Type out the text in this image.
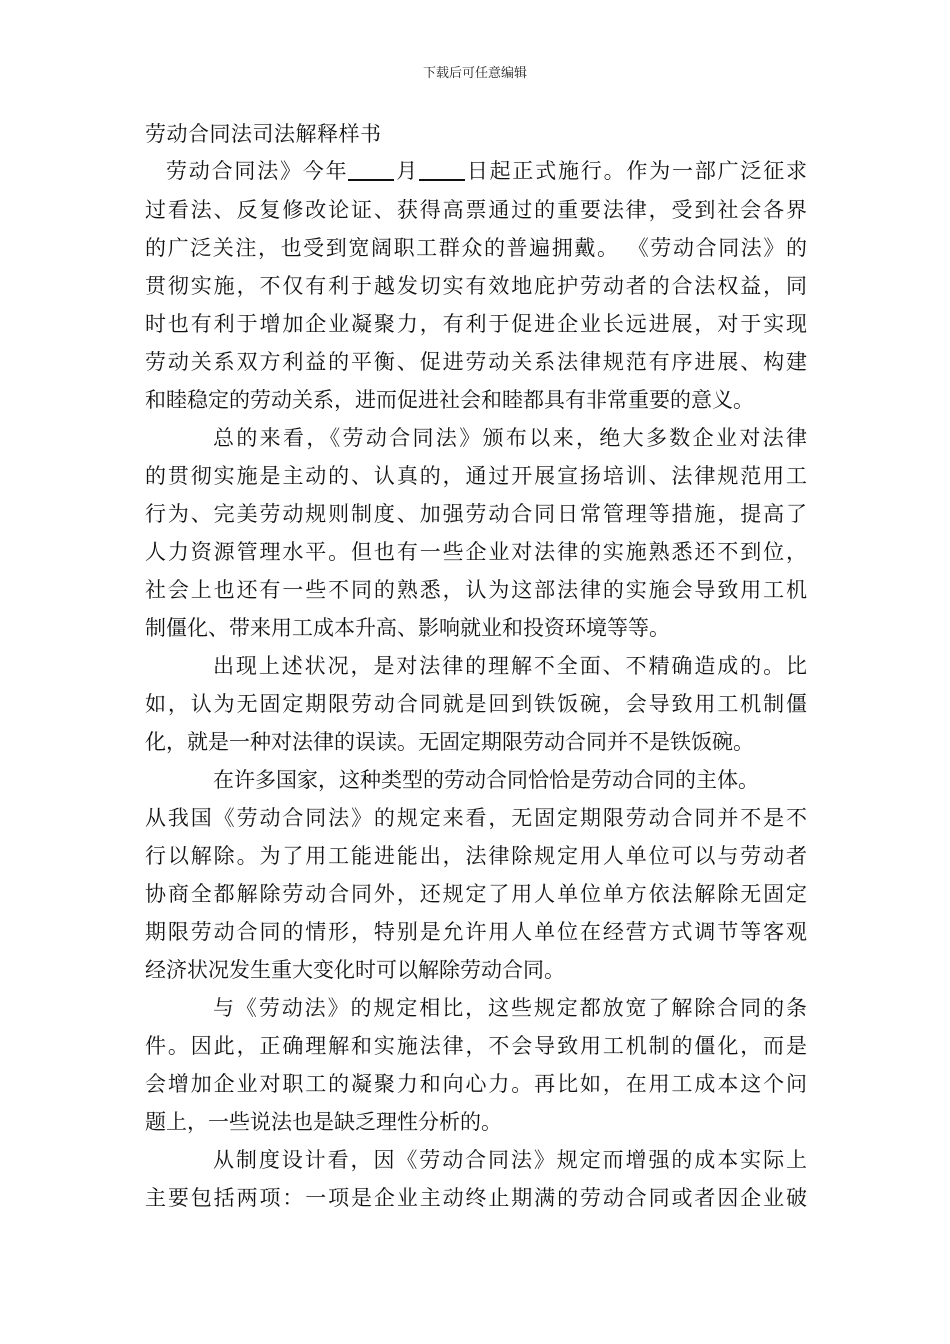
下载后可任意编辑
劳动合同法司法解释样书
劳动合同法》今年 月 日起正式施行。作为一部广泛征求
过看法、反复修改论证、获得高票通过的重要法律，受到社会各界
的广泛关注，也受到宽阔职工群众的普遍拥戴。 《劳动合同法》的
贯彻实施，不仅有利于越发切实有效地庇护劳动者的合法权益，同
时也有利于增加企业凝聚力，有利于促进企业长远进展，对于实现
劳动关系双方利益的平衡、促进劳动关系法律规范有序进展、构建
和睦稳定的劳动关系，进而促进社会和睦都具有非常重要的意义。
总的来看，《劳动合同法》颁布以来，绝大多数企业对法律
的贯彻实施是主动的、认真的，通过开展宣扬培训、法律规范用工
行为、完美劳动规则制度、加强劳动合同日常管理等措施，提高了
人力资源管理水平。但也有一些企业对法律的实施熟悉还不到位，
社会上也还有一些不同的熟悉，认为这部法律的实施会导致用工机
制僵化、带来用工成本升高、影响就业和投资环境等等。
出现上述状况，是对法律的理解不全面、不精确造成的。比
如，认为无固定期限劳动合同就是回到铁饭碗，会导致用工机制僵
化，就是一种对法律的误读。无固定期限劳动合同并不是铁饭碗。
在许多国家，这种类型的劳动合同恰恰是劳动合同的主体。
从我国《劳动合同法》的规定来看，无固定期限劳动合同并不是不
行以解除。为了用工能进能出，法律除规定用人单位可以与劳动者
协商全都解除劳动合同外，还规定了用人单位单方依法解除无固定
期限劳动合同的情形，特别是允许用人单位在经营方式调节等客观
经济状况发生重大变化时可以解除劳动合同。
与《劳动法》的规定相比，这些规定都放宽了解除合同的条
件。因此，正确理解和实施法律，不会导致用工机制的僵化，而是
会增加企业对职工的凝聚力和向心力。再比如，在用工成本这个问
题上，一些说法也是缺乏理性分析的。
从制度设计看，因《劳动合同法》规定而增强的成本实际上
主要包括两项：一项是企业主动终止期满的劳动合同或者因企业破
